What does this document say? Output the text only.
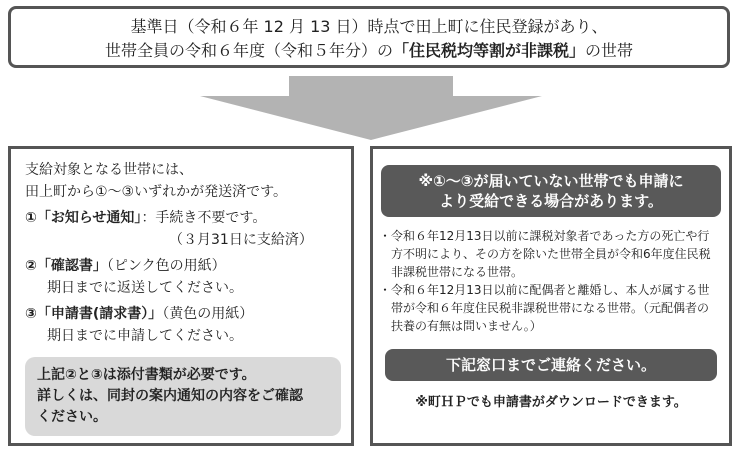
基準日（令和６年 12 月 13 日）時点で田上町に住民登録があり、
世帯全員の令和６年度（令和５年分）の「住民税均等割が非課税」の世帯
支給対象となる世帯には、
田上町から①～③いずれかが発送済です。
①「お知らせ通知」：手続き不要です。
（３月31日に支給済）
②「確認書」（ピンク色の用紙）
期日までに返送してください。
③「申請書(請求書）」（黄色の用紙）
期日までに申請してください。
上記②と③は添付書類が必要です。
詳しくは、同封の案内通知の内容をご確認
ください。
※①～③が届いていない世帯でも申請に
より受給できる場合があります。
・令和６年12月13日以前に課税対象者であった方の死亡や行方不明により、その方を除いた世帯全員が令和6年度住民税非課税世帯になる世帯。
・令和６年12月13日以前に配偶者と離婚し、本人が属する世帯が令和６年度住民税非課税世帯になる世帯。（元配偶者の扶養の有無は問いません。）
下記窓口までご連絡ください。
※町ＨＰでも申請書がダウンロードできます。
